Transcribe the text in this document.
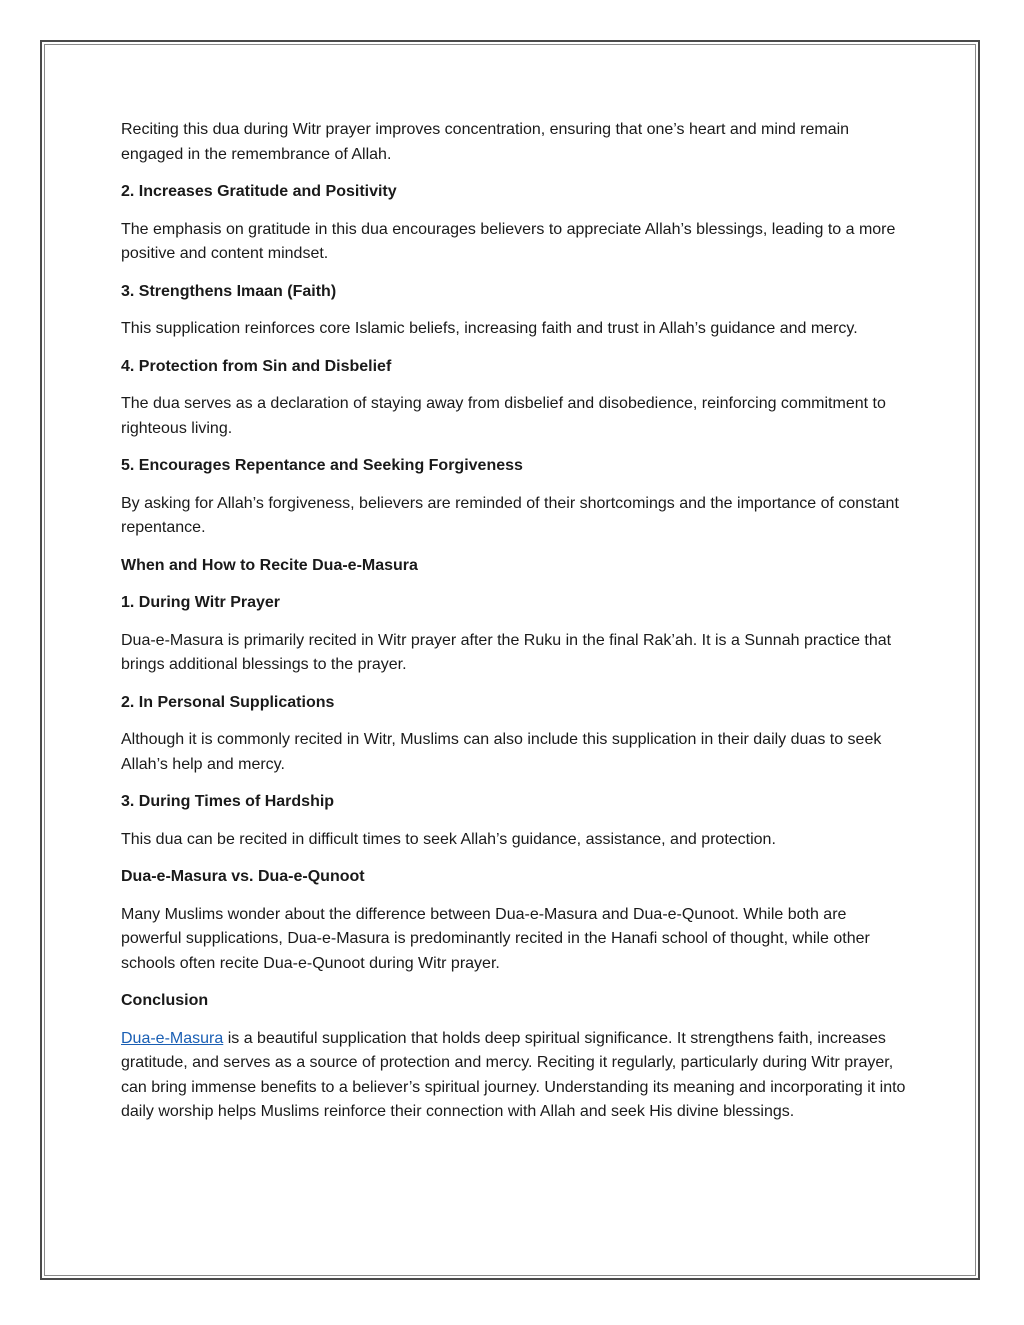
Reciting this dua during Witr prayer improves concentration, ensuring that one’s heart and mind remain engaged in the remembrance of Allah.

2. Increases Gratitude and Positivity

The emphasis on gratitude in this dua encourages believers to appreciate Allah’s blessings, leading to a more positive and content mindset.

3. Strengthens Imaan (Faith)

This supplication reinforces core Islamic beliefs, increasing faith and trust in Allah’s guidance and mercy.

4. Protection from Sin and Disbelief

The dua serves as a declaration of staying away from disbelief and disobedience, reinforcing commitment to righteous living.

5. Encourages Repentance and Seeking Forgiveness

By asking for Allah’s forgiveness, believers are reminded of their shortcomings and the importance of constant repentance.

When and How to Recite Dua-e-Masura

1. During Witr Prayer

Dua-e-Masura is primarily recited in Witr prayer after the Ruku in the final Rak’ah. It is a Sunnah practice that brings additional blessings to the prayer.

2. In Personal Supplications

Although it is commonly recited in Witr, Muslims can also include this supplication in their daily duas to seek Allah’s help and mercy.

3. During Times of Hardship

This dua can be recited in difficult times to seek Allah’s guidance, assistance, and protection.

Dua-e-Masura vs. Dua-e-Qunoot

Many Muslims wonder about the difference between Dua-e-Masura and Dua-e-Qunoot. While both are powerful supplications, Dua-e-Masura is predominantly recited in the Hanafi school of thought, while other schools often recite Dua-e-Qunoot during Witr prayer.

Conclusion

Dua-e-Masura is a beautiful supplication that holds deep spiritual significance. It strengthens faith, increases gratitude, and serves as a source of protection and mercy. Reciting it regularly, particularly during Witr prayer, can bring immense benefits to a believer’s spiritual journey. Understanding its meaning and incorporating it into daily worship helps Muslims reinforce their connection with Allah and seek His divine blessings.
